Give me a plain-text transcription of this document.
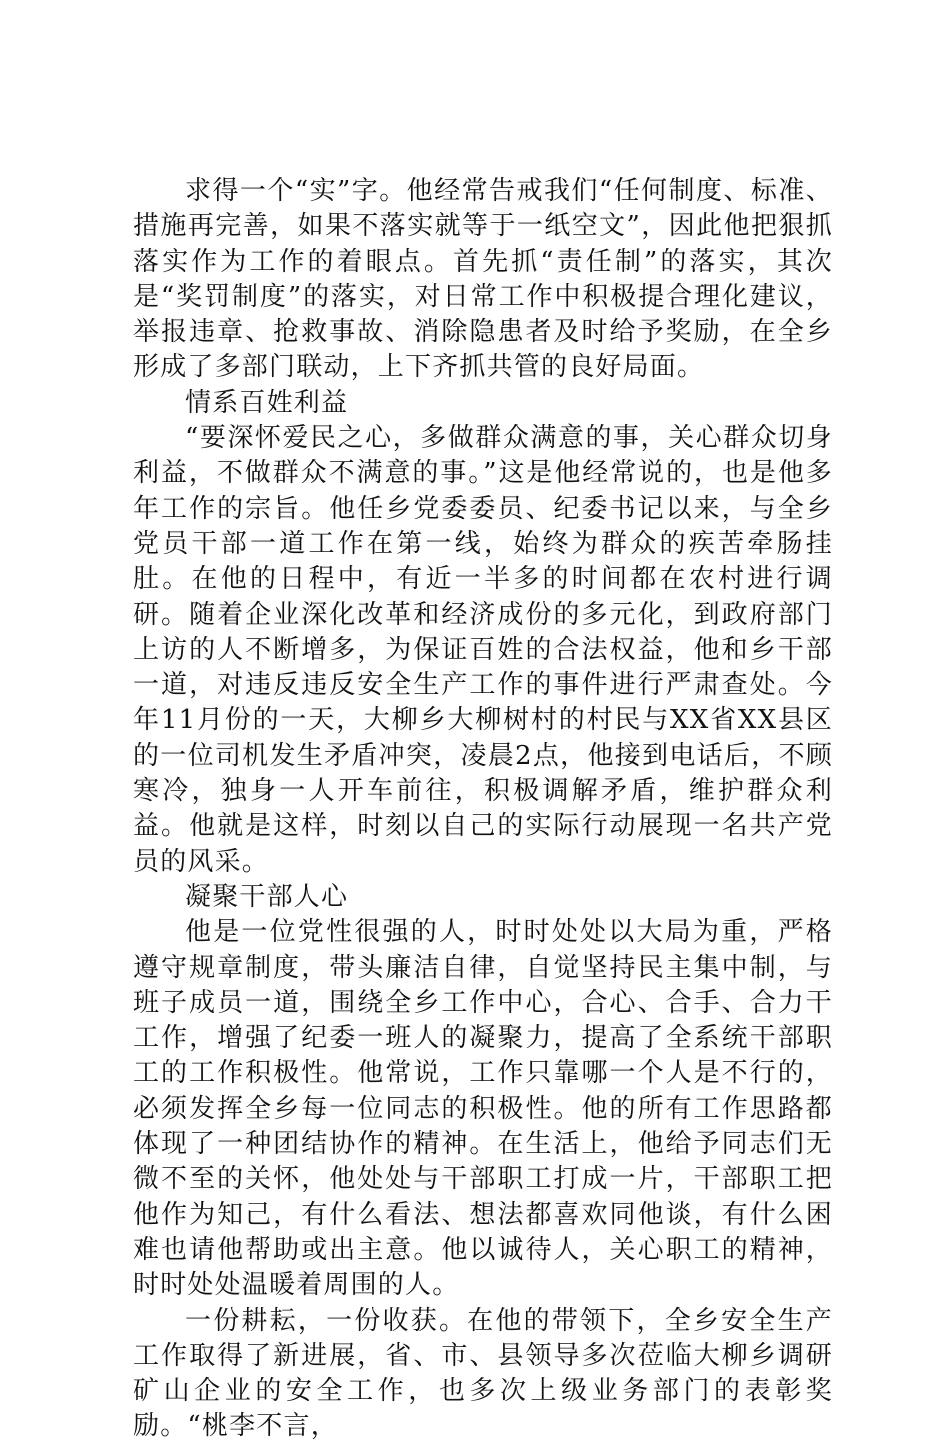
求得一个“实”字。他经常告戒我们“任何制度、标准、措施再完善，如果不落实就等于一纸空文”，因此他把狠抓落实作为工作的着眼点。首先抓“责任制”的落实，其次是“奖罚制度”的落实，对日常工作中积极提合理化建议，举报违章、抢救事故、消除隐患者及时给予奖励，在全乡形成了多部门联动，上下齐抓共管的良好局面。

情系百姓利益

“要深怀爱民之心，多做群众满意的事，关心群众切身利益，不做群众不满意的事。”这是他经常说的，也是他多年工作的宗旨。他任乡党委委员、纪委书记以来，与全乡党员干部一道工作在第一线，始终为群众的疾苦牵肠挂肚。在他的日程中，有近一半多的时间都在农村进行调研。随着企业深化改革和经济成份的多元化，到政府部门上访的人不断增多，为保证百姓的合法权益，他和乡干部一道，对违反违反安全生产工作的事件进行严肃查处。今年11月份的一天，大柳乡大柳树村的村民与XX省XX县区的一位司机发生矛盾冲突，凌晨2点，他接到电话后，不顾寒冷，独身一人开车前往，积极调解矛盾，维护群众利益。他就是这样，时刻以自己的实际行动展现一名共产党员的风采。

凝聚干部人心

他是一位党性很强的人，时时处处以大局为重，严格遵守规章制度，带头廉洁自律，自觉坚持民主集中制，与班子成员一道，围绕全乡工作中心，合心、合手、合力干工作，增强了纪委一班人的凝聚力，提高了全系统干部职工的工作积极性。他常说，工作只靠哪一个人是不行的，必须发挥全乡每一位同志的积极性。他的所有工作思路都体现了一种团结协作的精神。在生活上，他给予同志们无微不至的关怀，他处处与干部职工打成一片，干部职工把他作为知己，有什么看法、想法都喜欢同他谈，有什么困难也请他帮助或出主意。他以诚待人，关心职工的精神，时时处处温暖着周围的人。

一份耕耘，一份收获。在他的带领下，全乡安全生产工作取得了新进展，省、市、县领导多次莅临大柳乡调研矿山企业的安全工作，也多次上级业务部门的表彰奖励。“桃李不言，
